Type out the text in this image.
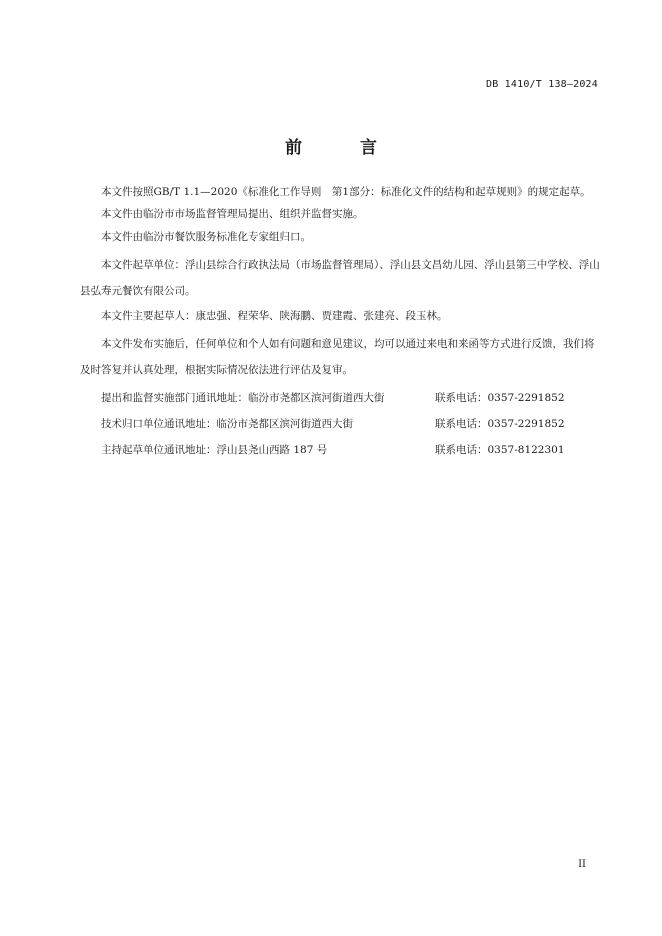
DB 1410/T 138—2024
前 言

本文件按照GB/T 1.1—2020《标准化工作导则　第1部分：标准化文件的结构和起草规则》的规定起草。

本文件由临汾市市场监督管理局提出、组织并监督实施。

本文件由临汾市餐饮服务标准化专家组归口。

本文件起草单位：浮山县综合行政执法局（市场监督管理局）、浮山县文昌幼儿园、浮山县第三中学校、浮山县弘寿元餐饮有限公司。

本文件主要起草人：康忠强、程荣华、陕海鹏、贾建霞、张建亮、段玉林。

本文件发布实施后，任何单位和个人如有问题和意见建议，均可以通过来电和来函等方式进行反馈，我们将及时答复并认真处理，根据实际情况依法进行评估及复审。

提出和监督实施部门通讯地址：临汾市尧都区滨河街道西大街	联系电话：0357-2291852
技术归口单位通讯地址：临汾市尧都区滨河街道西大街	联系电话：0357-2291852
主持起草单位通讯地址：浮山县尧山西路 187 号	联系电话：0357-8122301
II
